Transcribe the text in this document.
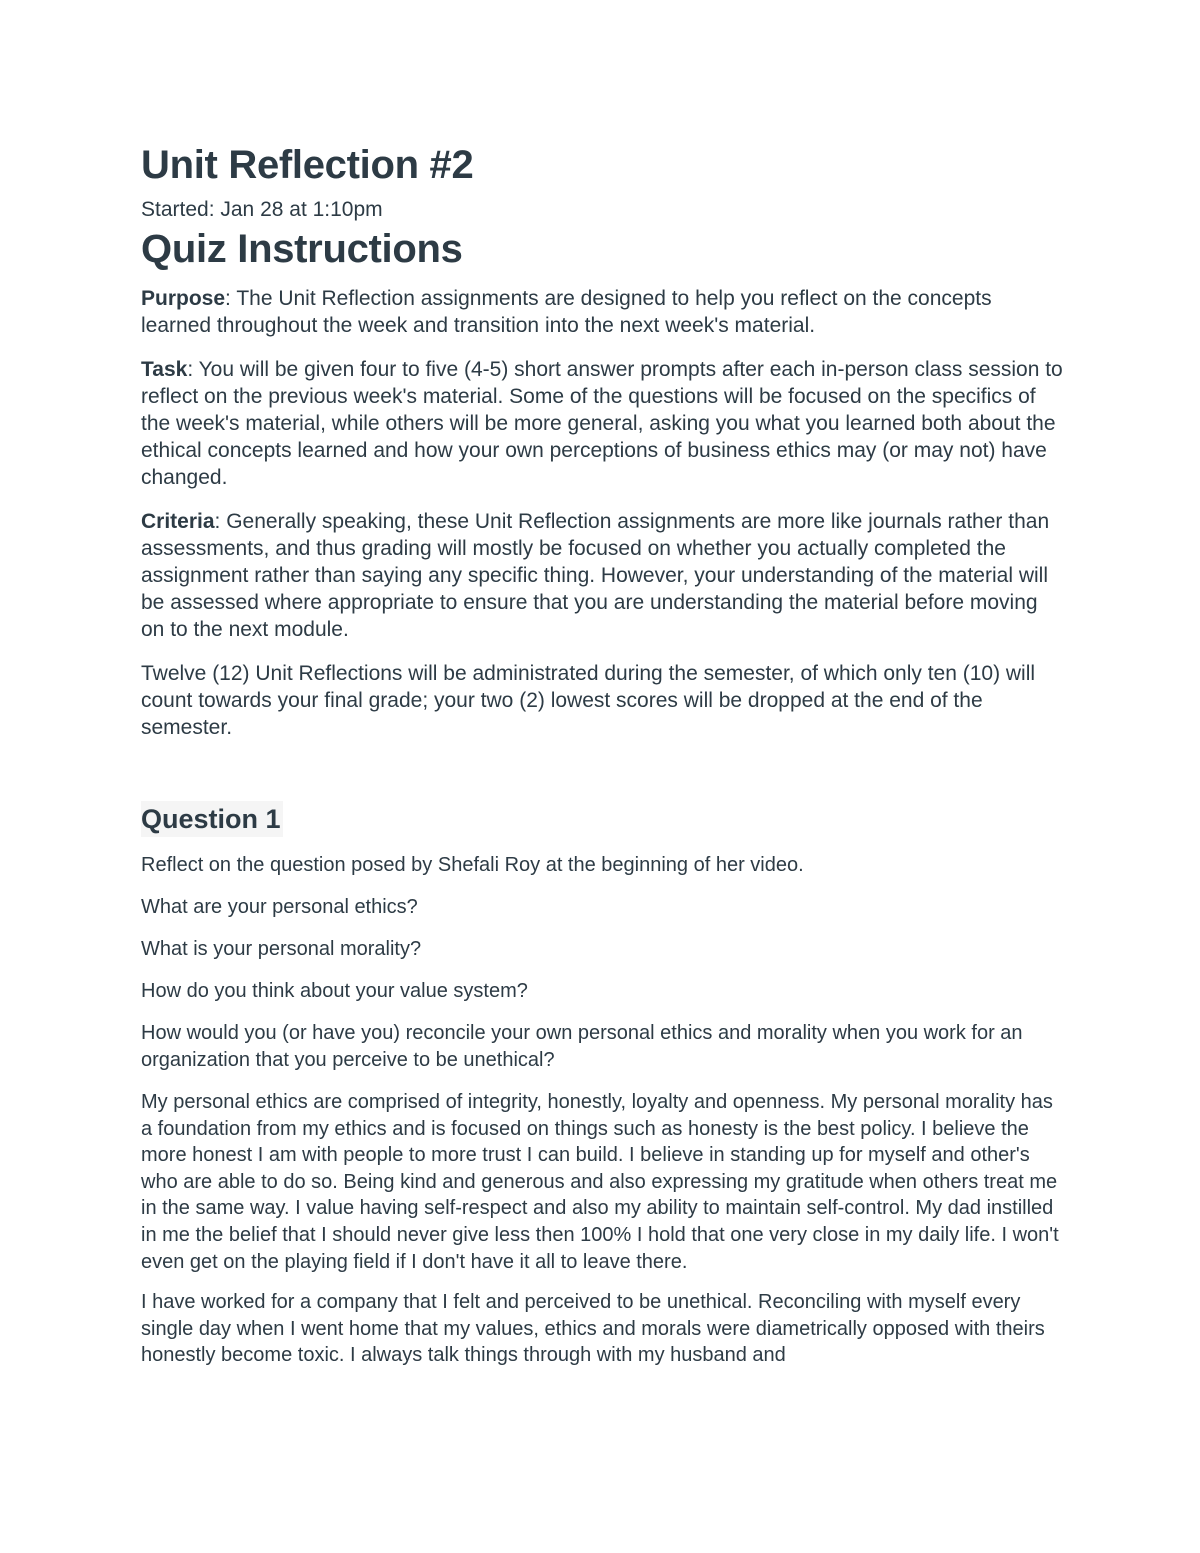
Unit Reflection #2
Started: Jan 28 at 1:10pm
Quiz Instructions

Purpose: The Unit Reflection assignments are designed to help you reflect on the concepts learned throughout the week and transition into the next week's material.

Task: You will be given four to five (4-5) short answer prompts after each in-person class session to reflect on the previous week's material. Some of the questions will be focused on the specifics of the week's material, while others will be more general, asking you what you learned both about the ethical concepts learned and how your own perceptions of business ethics may (or may not) have changed.

Criteria: Generally speaking, these Unit Reflection assignments are more like journals rather than assessments, and thus grading will mostly be focused on whether you actually completed the assignment rather than saying any specific thing. However, your understanding of the material will be assessed where appropriate to ensure that you are understanding the material before moving on to the next module.

Twelve (12) Unit Reflections will be administrated during the semester, of which only ten (10) will count towards your final grade; your two (2) lowest scores will be dropped at the end of the semester.

Question 1

Reflect on the question posed by Shefali Roy at the beginning of her video.

What are your personal ethics?

What is your personal morality?

How do you think about your value system?

How would you (or have you) reconcile your own personal ethics and morality when you work for an organization that you perceive to be unethical?

My personal ethics are comprised of integrity, honestly, loyalty and openness. My personal morality has a foundation from my ethics and is focused on things such as honesty is the best policy. I believe the more honest I am with people to more trust I can build. I believe in standing up for myself and other's who are able to do so. Being kind and generous and also expressing my gratitude when others treat me in the same way. I value having self-respect and also my ability to maintain self-control. My dad instilled in me the belief that I should never give less then 100% I hold that one very close in my daily life. I won't even get on the playing field if I don't have it all to leave there.

I have worked for a company that I felt and perceived to be unethical. Reconciling with myself every single day when I went home that my values, ethics and morals were diametrically opposed with theirs honestly become toxic. I always talk things through with my husband and
